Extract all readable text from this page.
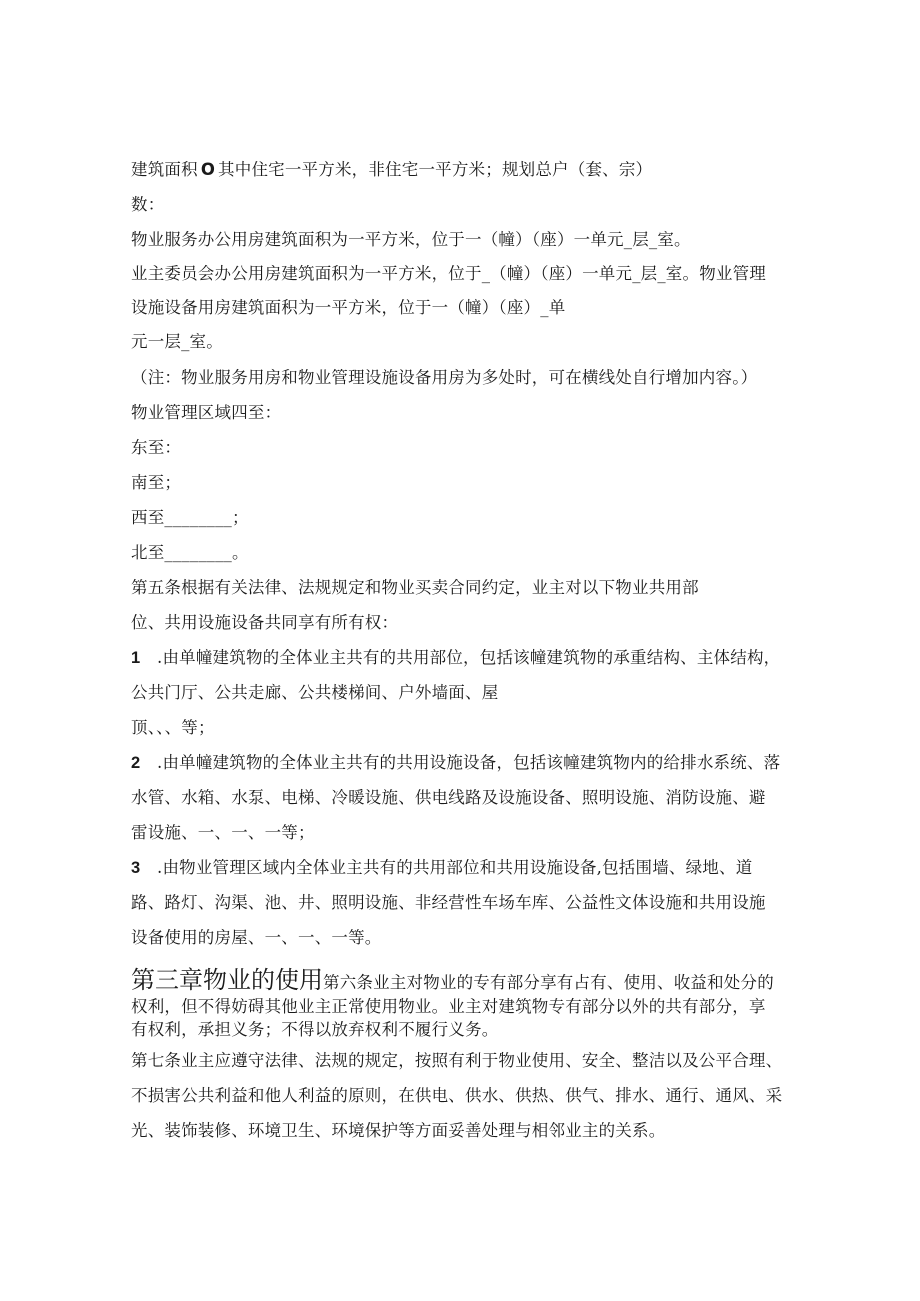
建筑面积 O 其中住宅一平方米，非住宅一平方米；规划总户（套、宗）
数：
物业服务办公用房建筑面积为一平方米，位于一（幢）（座）一单元_层_室。
业主委员会办公用房建筑面积为一平方米，位于_（幢）（座）一单元_层_室。物业管理
设施设备用房建筑面积为一平方米，位于一（幢）（座）_单
元一层_室。
（注：物业服务用房和物业管理设施设备用房为多处时，可在横线处自行增加内容。）
物业管理区域四至：
东至：
南至；
西至________；
北至________。
第五条根据有关法律、法规规定和物业买卖合同约定，业主对以下物业共用部
位、共用设施设备共同享有所有权：
1 .由单幢建筑物的全体业主共有的共用部位，包括该幢建筑物的承重结构、主体结构，
公共门厅、公共走廊、公共楼梯间、户外墙面、屋
顶、、、等；
2 .由单幢建筑物的全体业主共有的共用设施设备，包括该幢建筑物内的给排水系统、落
水管、水箱、水泵、电梯、冷暖设施、供电线路及设施设备、照明设施、消防设施、避
雷设施、一、一、一等；
3 .由物业管理区域内全体业主共有的共用部位和共用设施设备,包括围墙、绿地、道
路、路灯、沟渠、池、井、照明设施、非经营性车场车库、公益性文体设施和共用设施
设备使用的房屋、一、一、一等。
第三章物业的使用第六条业主对物业的专有部分享有占有、使用、收益和处分的
权利，但不得妨碍其他业主正常使用物业。业主对建筑物专有部分以外的共有部分，享
有权利，承担义务；不得以放弃权利不履行义务。
第七条业主应遵守法律、法规的规定，按照有利于物业使用、安全、整洁以及公平合理、
不损害公共利益和他人利益的原则，在供电、供水、供热、供气、排水、通行、通风、采
光、装饰装修、环境卫生、环境保护等方面妥善处理与相邻业主的关系。
